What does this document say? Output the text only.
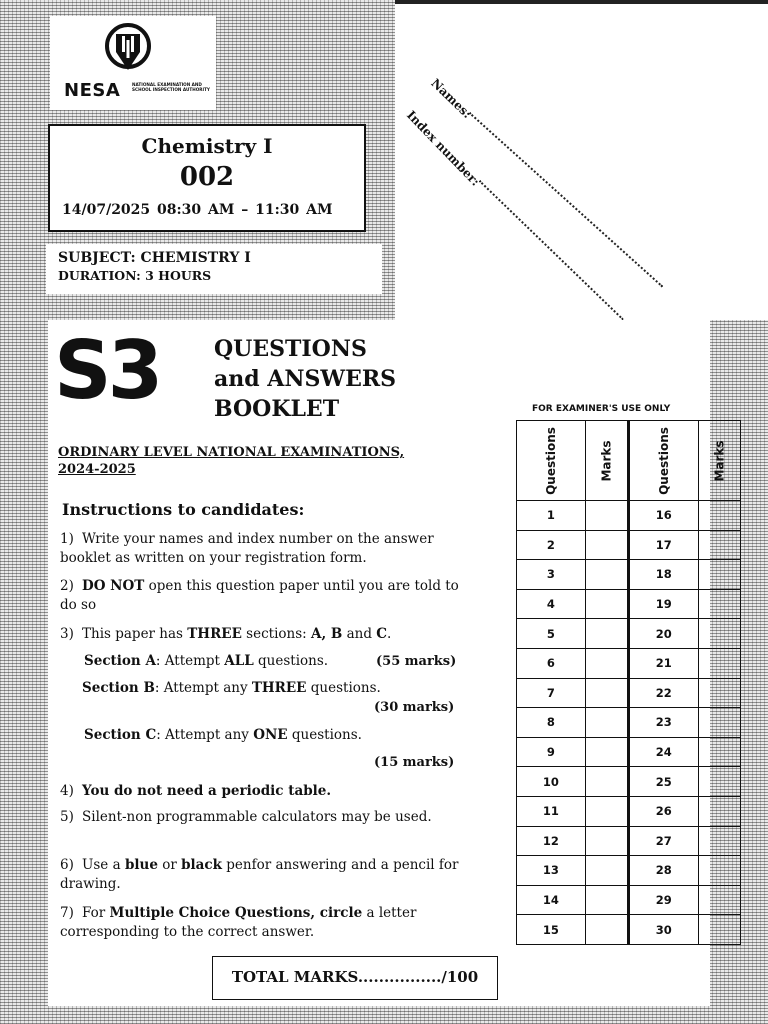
NESA	NATIONAL EXAMINATION AND SCHOOL INSPECTION AUTHORITY
Chemistry I
002
14/07/2025 08:30 AM – 11:30 AM
SUBJECT: CHEMISTRY I
DURATION: 3 HOURS
Names:
Index number:
S3 QUESTIONS
and ANSWERS
BOOKLET
ORDINARY LEVEL NATIONAL EXAMINATIONS,
2024-2025
Instructions to candidates:
1) Write your names and index number on the answer booklet as written on your registration form.
2) DO NOT open this question paper until you are told to do so
3) This paper has THREE sections: A, B and C.
Section A: Attempt ALL questions.	(55 marks)
Section B: Attempt any THREE questions.
(30 marks)
Section C: Attempt any ONE questions.
(15 marks)
4) You do not need a periodic table.
5) Silent-non programmable calculators may be used.
6) Use a blue or black penfor answering and a pencil for drawing.
7) For Multiple Choice Questions, circle a letter corresponding to the correct answer.
FOR EXAMINER'S USE ONLY
Questions	Marks	Questions	Marks
1		16	
2		17	
3		18	
4		19	
5		20	
6		21	
7		22	
8		23	
9		24	
10		25	
11		26	
12		27	
13		28	
14		29	
15		30	
TOTAL MARKS................/100
